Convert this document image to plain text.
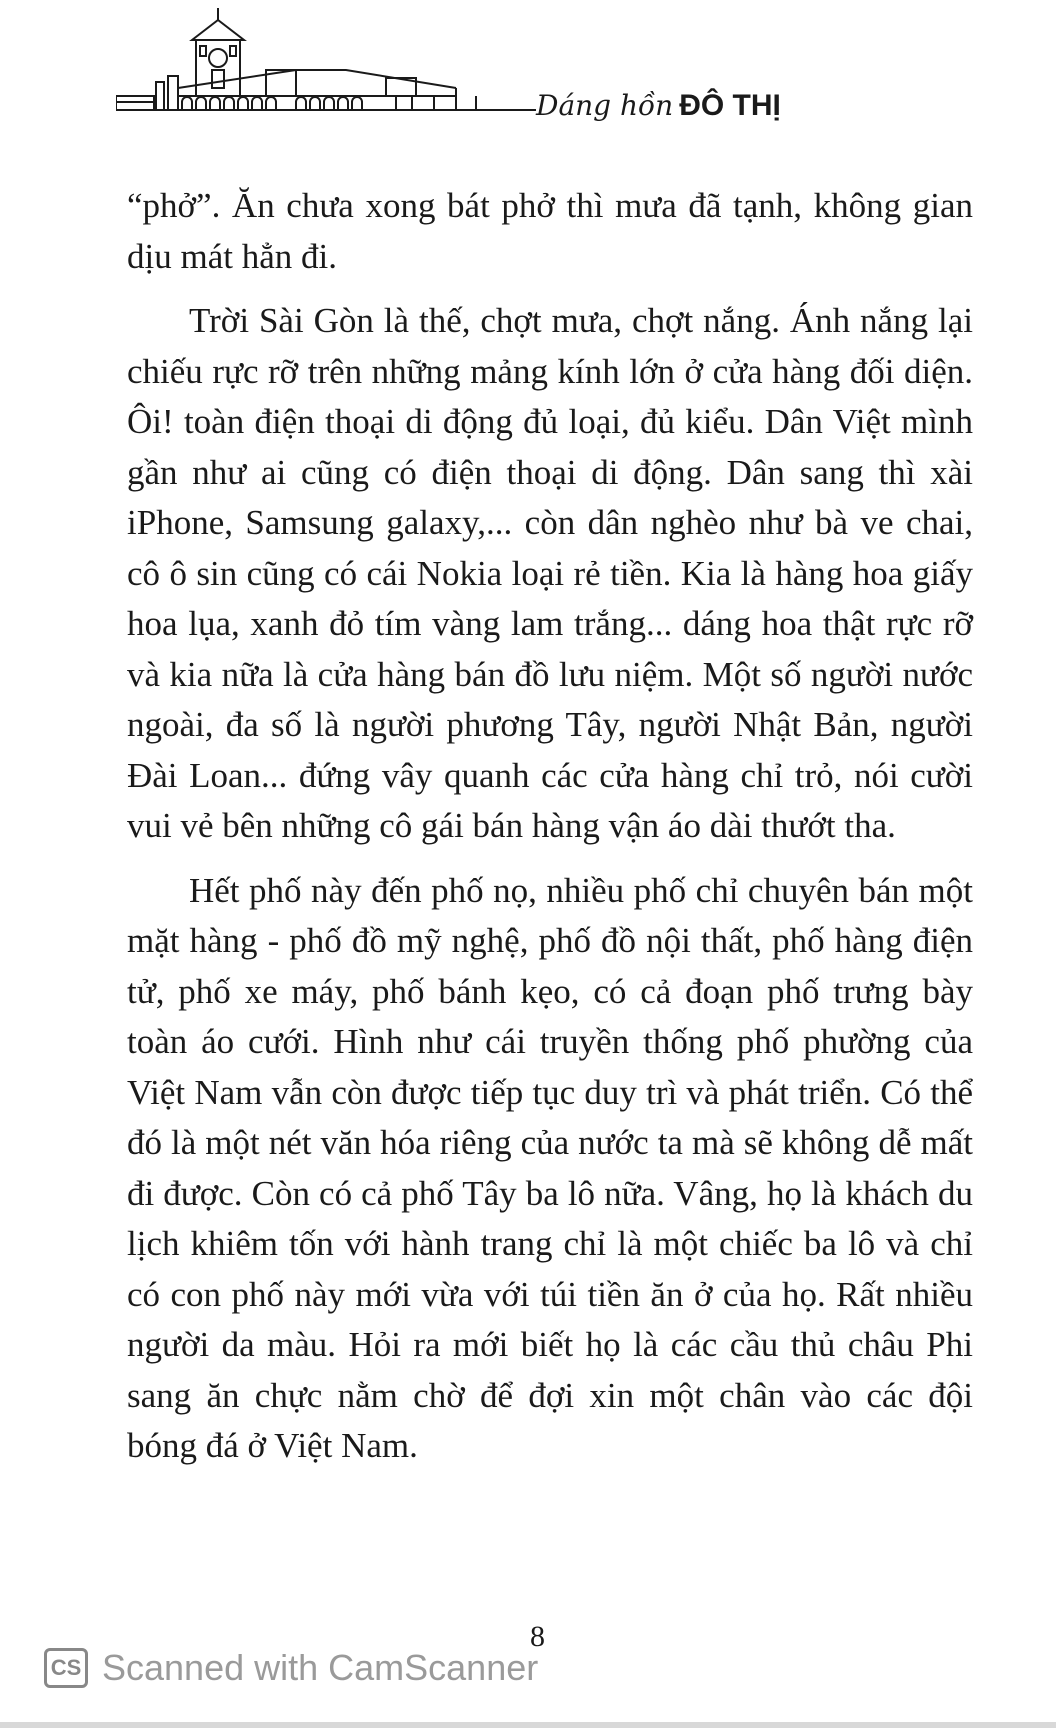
Dáng hồn ĐÔ THỊ

“phở”. Ăn chưa xong bát phở thì mưa đã tạnh, không gian dịu mát hẳn đi.

Trời Sài Gòn là thế, chợt mưa, chợt nắng. Ánh nắng lại chiếu rực rỡ trên những mảng kính lớn ở cửa hàng đối diện. Ôi! toàn điện thoại di động đủ loại, đủ kiểu. Dân Việt mình gần như ai cũng có điện thoại di động. Dân sang thì xài iPhone, Samsung galaxy,... còn dân nghèo như bà ve chai, cô ô sin cũng có cái Nokia loại rẻ tiền. Kia là hàng hoa giấy hoa lụa, xanh đỏ tím vàng lam trắng... dáng hoa thật rực rỡ và kia nữa là cửa hàng bán đồ lưu niệm. Một số người nước ngoài, đa số là người phương Tây, người Nhật Bản, người Đài Loan... đứng vây quanh các cửa hàng chỉ trỏ, nói cười vui vẻ bên những cô gái bán hàng vận áo dài thướt tha.

Hết phố này đến phố nọ, nhiều phố chỉ chuyên bán một mặt hàng - phố đồ mỹ nghệ, phố đồ nội thất, phố hàng điện tử, phố xe máy, phố bánh kẹo, có cả đoạn phố trưng bày toàn áo cưới. Hình như cái truyền thống phố phường của Việt Nam vẫn còn được tiếp tục duy trì và phát triển. Có thể đó là một nét văn hóa riêng của nước ta mà sẽ không dễ mất đi được. Còn có cả phố Tây ba lô nữa. Vâng, họ là khách du lịch khiêm tốn với hành trang chỉ là một chiếc ba lô và chỉ có con phố này mới vừa với túi tiền ăn ở của họ. Rất nhiều người da màu. Hỏi ra mới biết họ là các cầu thủ châu Phi sang ăn chực nằm chờ để đợi xin một chân vào các đội bóng đá ở Việt Nam.

8
CS Scanned with CamScanner
